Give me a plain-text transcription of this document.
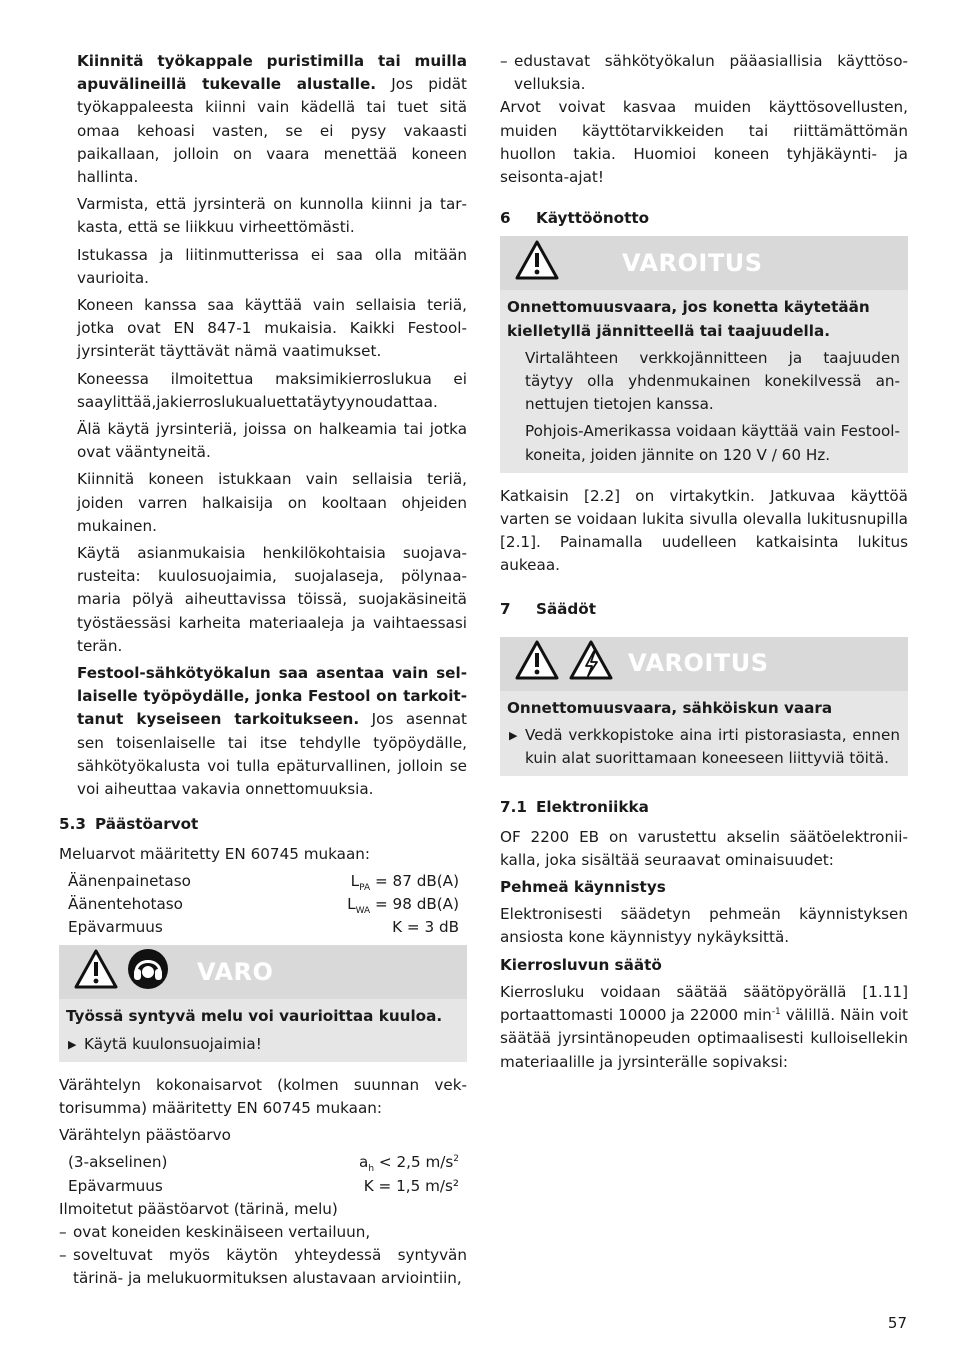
Kiinnitä työkappale puristimilla tai muilla apuvälineillä tukevalle alustalle. Jos pidät työkappaleesta kiinni vain kädellä tai tuet sitä omaa kehoasi vasten, se ei pysy vakaasti paikallaan, jolloin on vaara menettää koneen hallinta.

Varmista, että jyrsinterä on kunnolla kiinni ja tarkasta, että se liikkuu virheettömästi.

Istukassa ja liitinmutterissa ei saa olla mitään vaurioita.

Koneen kanssa saa käyttää vain sellaisia teriä, jotka ovat EN 847-1 mukaisia. Kaikki Festool-jyrsinterät täyttävät nämä vaatimukset.

Koneessa ilmoitettua maksimikierroslukua ei saaylittää,jakierroslukualuettatäytyynoudattaa.

Älä käytä jyrsinteriä, joissa on halkeamia tai jotka ovat vääntyneitä.

Kiinnitä koneen istukkaan vain sellaisia teriä, joiden varren halkaisija on kooltaan ohjeiden mukainen.

Käytä asianmukaisia henkilökohtaisia suojavarusteita: kuulosuojaimia, suojalaseja, pölynaamaria pölyä aiheuttavissa töissä, suojakäsineitä työstäessäsi karheita materiaaleja ja vaihtaessasi terän.

Festool-sähkötyökalun saa asentaa vain sellaiselle työpöydälle, jonka Festool on tarkoittanut kyseiseen tarkoitukseen. Jos asennat sen toisenlaiselle tai itse tehdylle työpöydälle, sähkötyökalusta voi tulla epäturvallinen, jolloin se voi aiheuttaa vakavia onnettomuuksia.

5.3 Päästöarvot

Meluarvot määritetty EN 60745 mukaan:

Äänenpainetaso	$L_{PA} = 87$ dB(A)
Äänentehotaso	$L_{WA} = 98$ dB(A)
Epävarmuus	K = 3 dB
VARO
Työssä syntyvä melu voi vaurioittaa kuuloa.
▶ Käytä kuulonsuojaimia!

Värähtelyn kokonaisarvot (kolmen suunnan vektorisumma) määritetty EN 60745 mukaan:

Värähtelyn päästöarvo

(3-akselinen)	$a_h < 2,5$ $m/s^2$
Epävarmuus	K = 1,5 m/s²

Ilmoitetut päästöarvot (tärinä, melu)

– ovat koneiden keskinäiseen vertailuun,
– soveltuvat myös käytön yhteydessä syntyvän tärinä- ja melukuormituksen alustavaan arviointiin,
– edustavat sähkötyökalun pääasiallisia käyttösovelluksia.

Arvot voivat kasvaa muiden käyttösovellusten, muiden käyttötarvikkeiden tai riittämättömän huollon takia. Huomioi koneen tyhjäkäynti- ja seisonta-ajat!

6 Käyttöönotto
VAROITUS
Onnettomuusvaara, jos konetta käytetään kielletyllä jännitteellä tai taajuudella.
Virtalähteen verkkojännitteen ja taajuuden täytyy olla yhdenmukainen konekilvessä annettujen tietojen kanssa.
Pohjois-Amerikassa voidaan käyttää vain Festool-koneita, joiden jännite on 120 V / 60 Hz.

Katkaisin [2.2] on virtakytkin. Jatkuvaa käyttöä varten se voidaan lukita sivulla olevalla lukitusnupilla [2.1]. Painamalla uudelleen katkaisinta lukitus aukeaa.

7 Säädöt
VAROITUS
Onnettomuusvaara, sähköiskun vaara
▶ Vedä verkkopistoke aina irti pistorasiasta, ennen kuin alat suorittamaan koneeseen liittyviä töitä.
7.1 Elektroniikka

OF 2200 EB on varustettu akselin säätöelektroniikalla, joka sisältää seuraavat ominaisuudet:

Pehmeä käynnistys

Elektronisesti säädetyn pehmeän käynnistyksen ansiosta kone käynnistyy nykäyksittä.

Kierrosluvun säätö

Kierrosluku voidaan säätää säätöpyörällä [1.11] portaattomasti 10000 ja 22000 $\min^{-1}$ välillä. Näin voit säätää jyrsintänopeuden optimaalisesti kulloisellekin materiaalille ja jyrsinterälle sopivaksi:

57
